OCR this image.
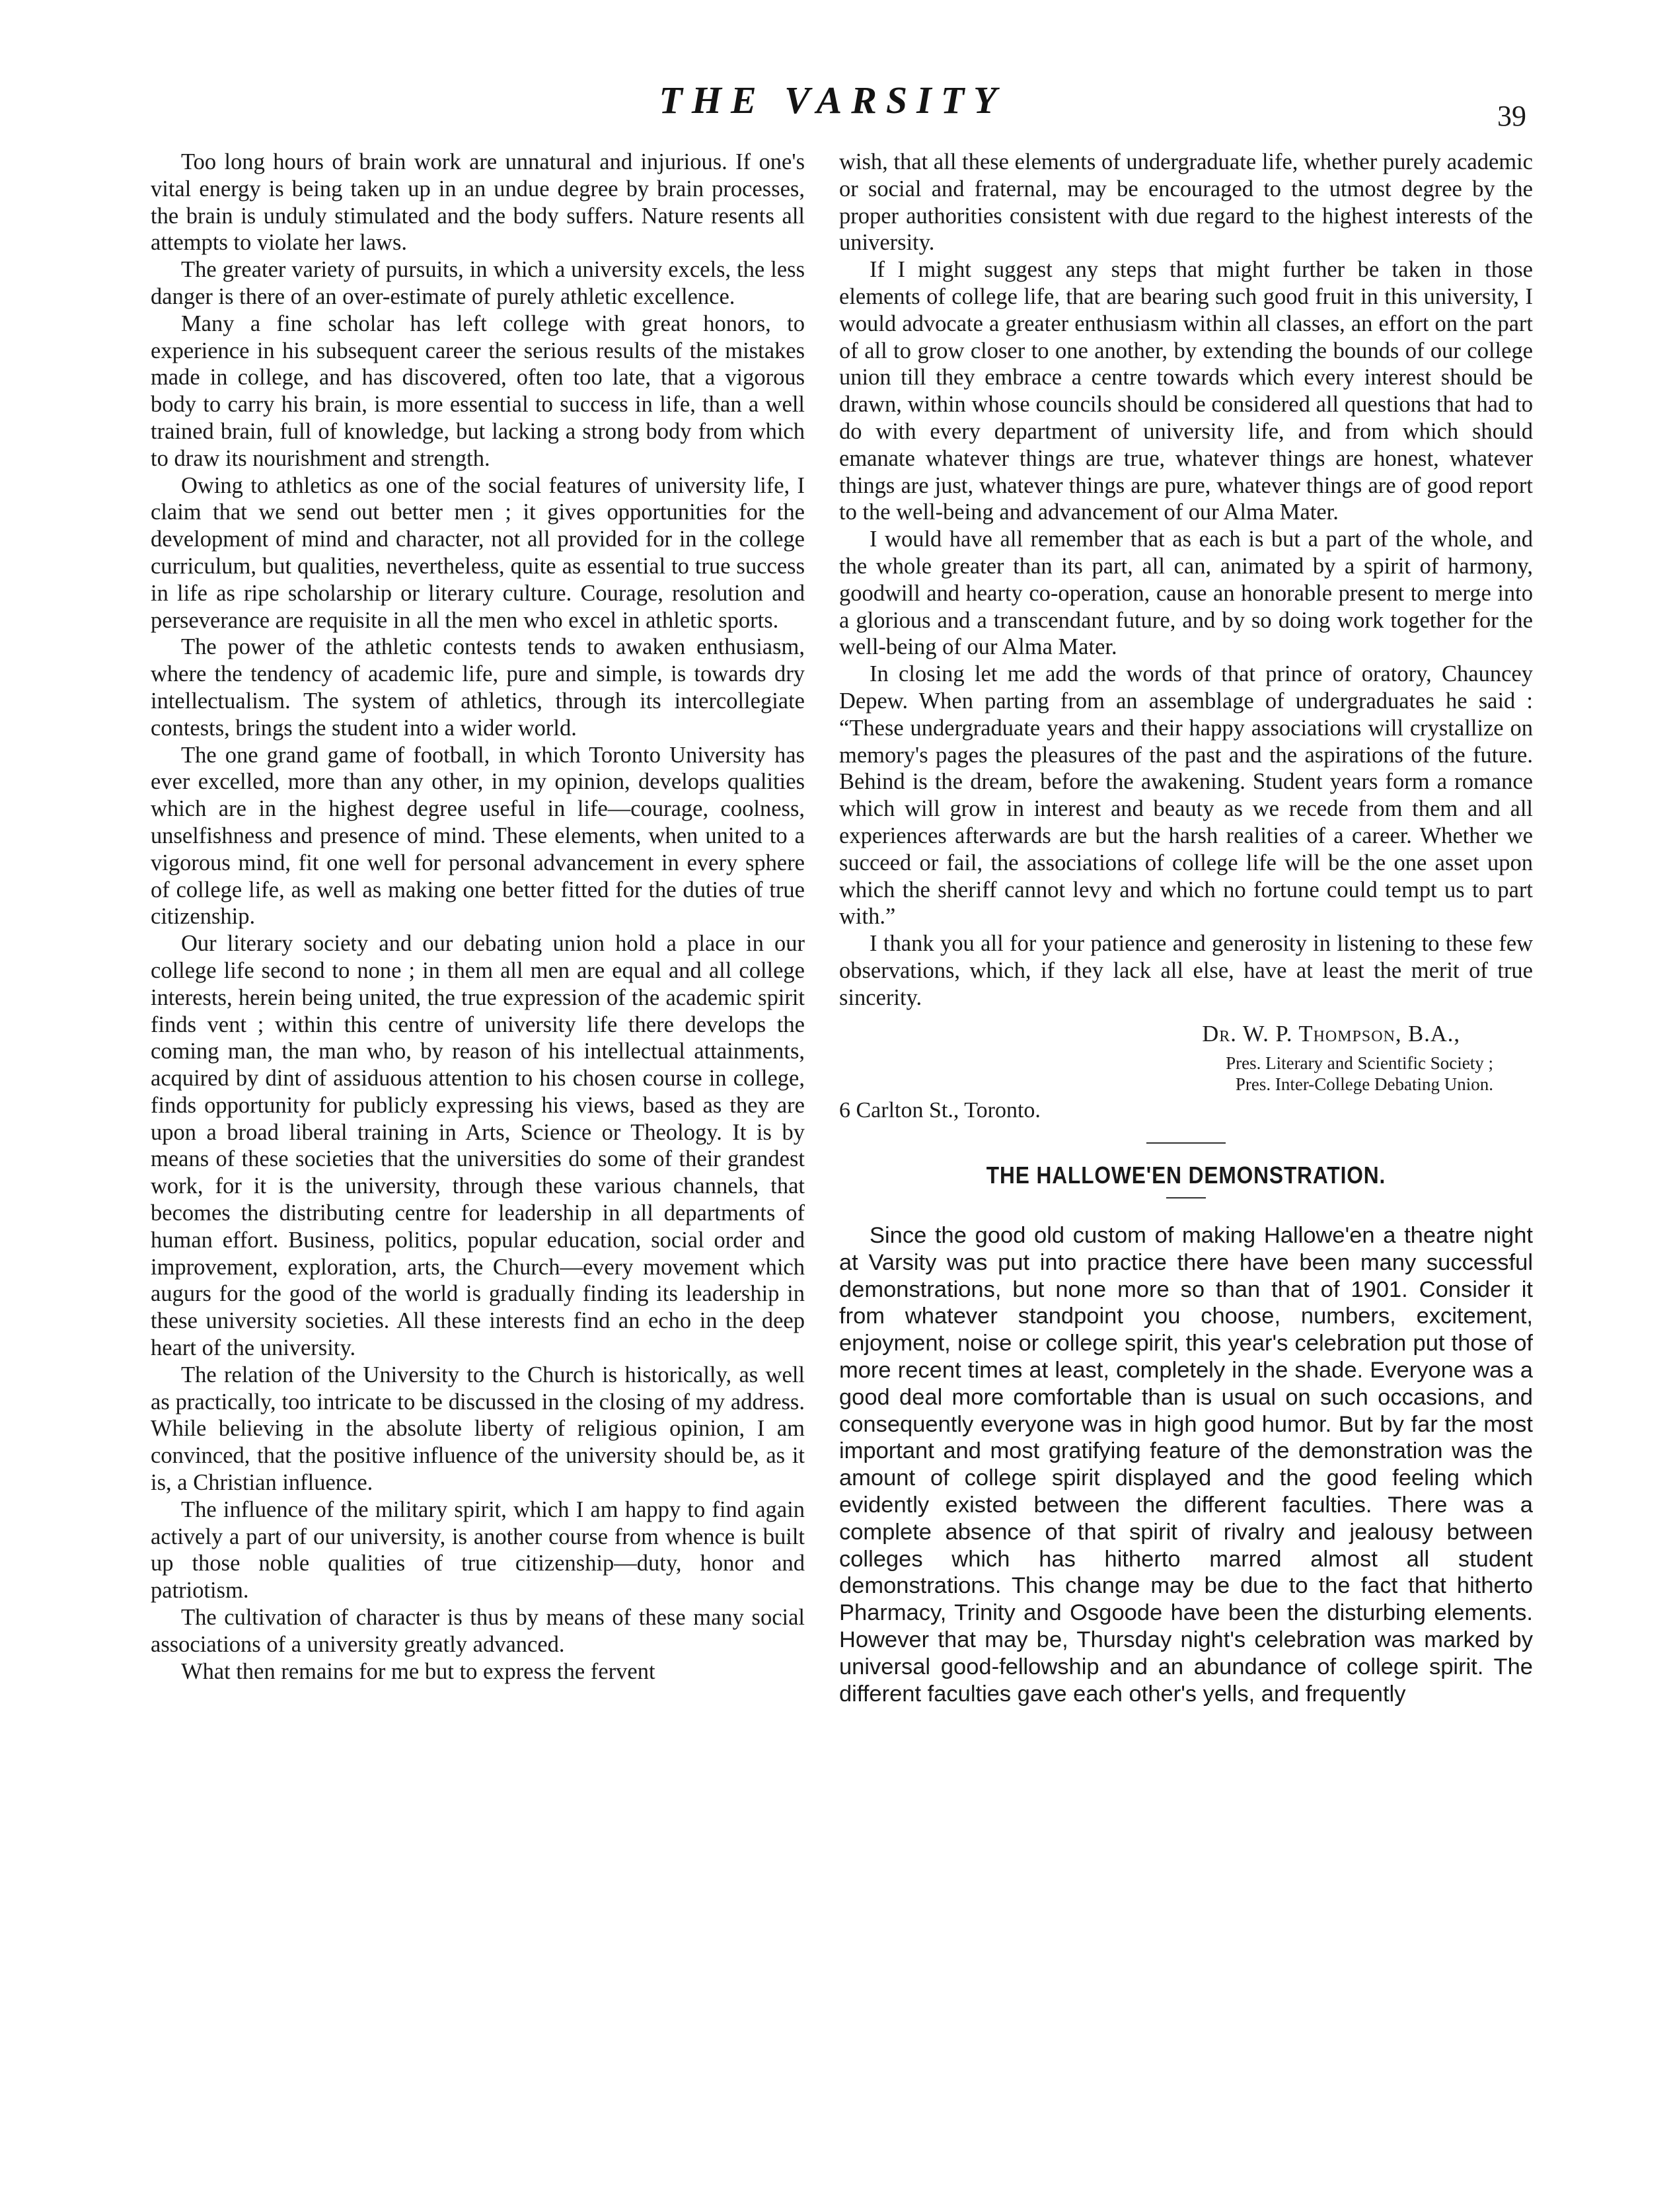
THE VARSITY	39

Too long hours of brain work are unnatural and injurious. If one's vital energy is being taken up in an undue degree by brain processes, the brain is unduly stimulated and the body suffers. Nature resents all attempts to violate her laws.

The greater variety of pursuits, in which a university excels, the less danger is there of an over-estimate of purely athletic excellence.

Many a fine scholar has left college with great honors, to experience in his subsequent career the serious results of the mistakes made in college, and has discovered, often too late, that a vigorous body to carry his brain, is more essential to success in life, than a well trained brain, full of knowledge, but lacking a strong body from which to draw its nourishment and strength.

Owing to athletics as one of the social features of university life, I claim that we send out better men ; it gives opportunities for the development of mind and character, not all provided for in the college curriculum, but qualities, nevertheless, quite as essential to true success in life as ripe scholarship or literary culture. Courage, resolution and perseverance are requisite in all the men who excel in athletic sports.

The power of the athletic contests tends to awaken enthusiasm, where the tendency of academic life, pure and simple, is towards dry intellectualism. The system of athletics, through its intercollegiate contests, brings the student into a wider world.

The one grand game of football, in which Toronto University has ever excelled, more than any other, in my opinion, develops qualities which are in the highest degree useful in life—courage, coolness, unselfishness and presence of mind. These elements, when united to a vigorous mind, fit one well for personal advancement in every sphere of college life, as well as making one better fitted for the duties of true citizenship.

Our literary society and our debating union hold a place in our college life second to none ; in them all men are equal and all college interests, herein being united, the true expression of the academic spirit finds vent ; within this centre of university life there develops the coming man, the man who, by reason of his intellectual attainments, acquired by dint of assiduous attention to his chosen course in college, finds opportunity for publicly expressing his views, based as they are upon a broad liberal training in Arts, Science or Theology. It is by means of these societies that the universities do some of their grandest work, for it is the university, through these various channels, that becomes the distributing centre for leadership in all departments of human effort. Business, politics, popular education, social order and improvement, exploration, arts, the Church—every movement which augurs for the good of the world is gradually finding its leadership in these university societies. All these interests find an echo in the deep heart of the university.

The relation of the University to the Church is historically, as well as practically, too intricate to be discussed in the closing of my address. While believing in the absolute liberty of religious opinion, I am convinced, that the positive influence of the university should be, as it is, a Christian influence.

The influence of the military spirit, which I am happy to find again actively a part of our university, is another course from whence is built up those noble qualities of true citizenship—duty, honor and patriotism.

The cultivation of character is thus by means of these many social associations of a university greatly advanced.

What then remains for me but to express the fervent

wish, that all these elements of undergraduate life, whether purely academic or social and fraternal, may be encouraged to the utmost degree by the proper authorities consistent with due regard to the highest interests of the university.

If I might suggest any steps that might further be taken in those elements of college life, that are bearing such good fruit in this university, I would advocate a greater enthusiasm within all classes, an effort on the part of all to grow closer to one another, by extending the bounds of our college union till they embrace a centre towards which every interest should be drawn, within whose councils should be considered all questions that had to do with every department of university life, and from which should emanate whatever things are true, whatever things are honest, whatever things are just, whatever things are pure, whatever things are of good report to the well-being and advancement of our Alma Mater.

I would have all remember that as each is but a part of the whole, and the whole greater than its part, all can, animated by a spirit of harmony, goodwill and hearty co-operation, cause an honorable present to merge into a glorious and a transcendant future, and by so doing work together for the well-being of our Alma Mater.

In closing let me add the words of that prince of oratory, Chauncey Depew. When parting from an assemblage of undergraduates he said : “These undergraduate years and their happy associations will crystallize on memory's pages the pleasures of the past and the aspirations of the future. Behind is the dream, before the awakening. Student years form a romance which will grow in interest and beauty as we recede from them and all experiences afterwards are but the harsh realities of a career. Whether we succeed or fail, the associations of college life will be the one asset upon which the sheriff cannot levy and which no fortune could tempt us to part with.”

I thank you all for your patience and generosity in listening to these few observations, which, if they lack all else, have at least the merit of true sincerity.

Dr. W. P. Thompson, B.A.,
Pres. Literary and Scientific Society ;
Pres. Inter-College Debating Union.
6 Carlton St., Toronto.
THE HALLOWE'EN DEMONSTRATION.

Since the good old custom of making Hallowe'en a theatre night at Varsity was put into practice there have been many successful demonstrations, but none more so than that of 1901. Consider it from whatever standpoint you choose, numbers, excitement, enjoyment, noise or college spirit, this year's celebration put those of more recent times at least, completely in the shade. Everyone was a good deal more comfortable than is usual on such occasions, and consequently everyone was in high good humor. But by far the most important and most gratifying feature of the demonstration was the amount of college spirit displayed and the good feeling which evidently existed between the different faculties. There was a complete absence of that spirit of rivalry and jealousy between colleges which has hitherto marred almost all student demonstrations. This change may be due to the fact that hitherto Pharmacy, Trinity and Osgoode have been the disturbing elements. However that may be, Thursday night's celebration was marked by universal good-fellowship and an abundance of college spirit. The different faculties gave each other's yells, and frequently
